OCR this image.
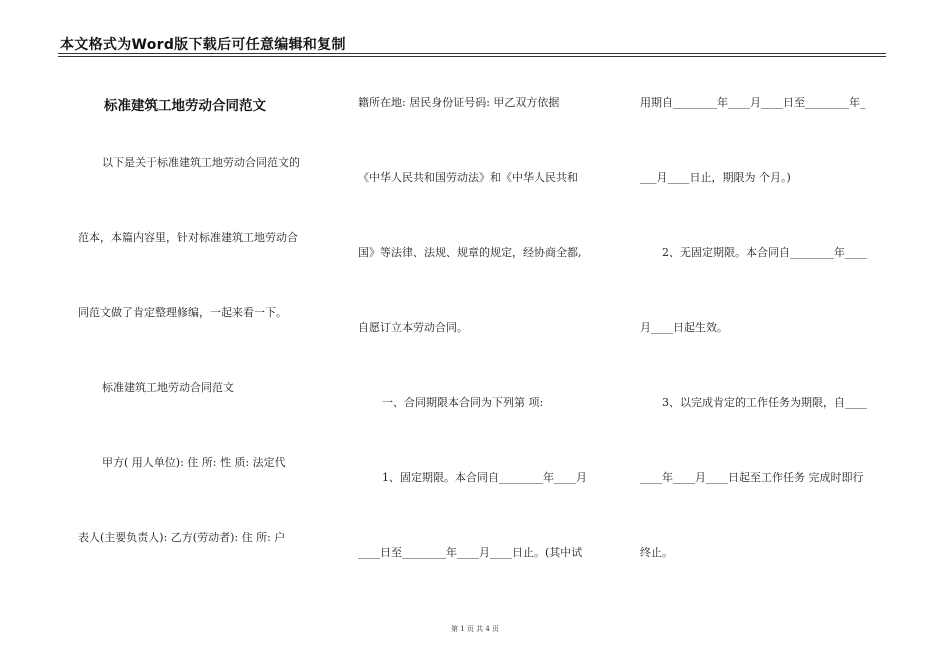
本文格式为Word版下载后可任意编辑和复制
标准建筑工地劳动合同范文
以下是关于标准建筑工地劳动合同范文的
范本，本篇内容里，针对标准建筑工地劳动合
同范文做了肯定整理修编，一起来看一下。
标准建筑工地劳动合同范文
甲方( 用人单位): 住 所: 性 质: 法定代
表人(主要负责人): 乙方(劳动者): 住 所: 户
籍所在地: 居民身份证号码: 甲乙双方依据
《中华人民共和国劳动法》和《中华人民共和
国》等法律、法规、规章的规定，经协商全都,
自愿订立本劳动合同。
一、合同期限本合同为下列第 项:
1、固定期限。本合同自________年____月
____日至________年____月____日止。(其中试
用期自________年____月____日至________年_
___月____日止，期限为 个月。)
2、无固定期限。本合同自________年____
月____日起生效。
3、以完成肯定的工作任务为期限，自____
____年____月____日起至工作任务 完成时即行
终止。
第 1 页 共 4 页
